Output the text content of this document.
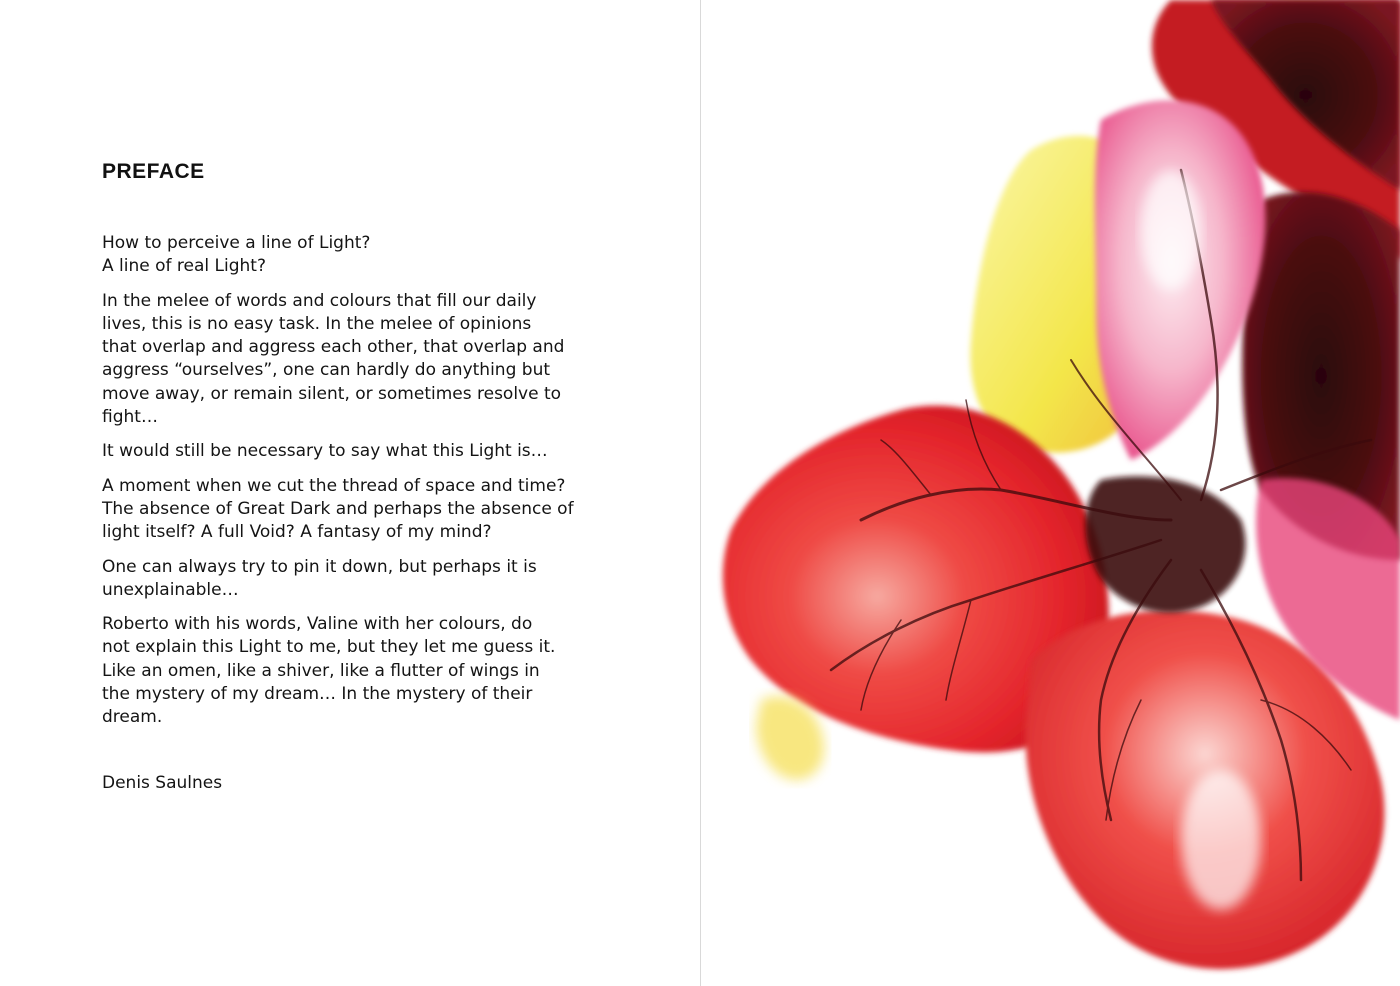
PREFACE

How to perceive a line of Light?
A line of real Light?

In the melee of words and colours that fill our daily
lives, this is no easy task. In the melee of opinions
that overlap and aggress each other, that overlap and
aggress “ourselves”, one can hardly do anything but
move away, or remain silent, or sometimes resolve to
fight…

It would still be necessary to say what this Light is…

A moment when we cut the thread of space and time?
The absence of Great Dark and perhaps the absence of
light itself? A full Void? A fantasy of my mind?

One can always try to pin it down, but perhaps it is
unexplainable…

Roberto with his words, Valine with her colours, do
not explain this Light to me, but they let me guess it.
Like an omen, like a shiver, like a flutter of wings in
the mystery of my dream… In the mystery of their
dream.

Denis Saulnes
